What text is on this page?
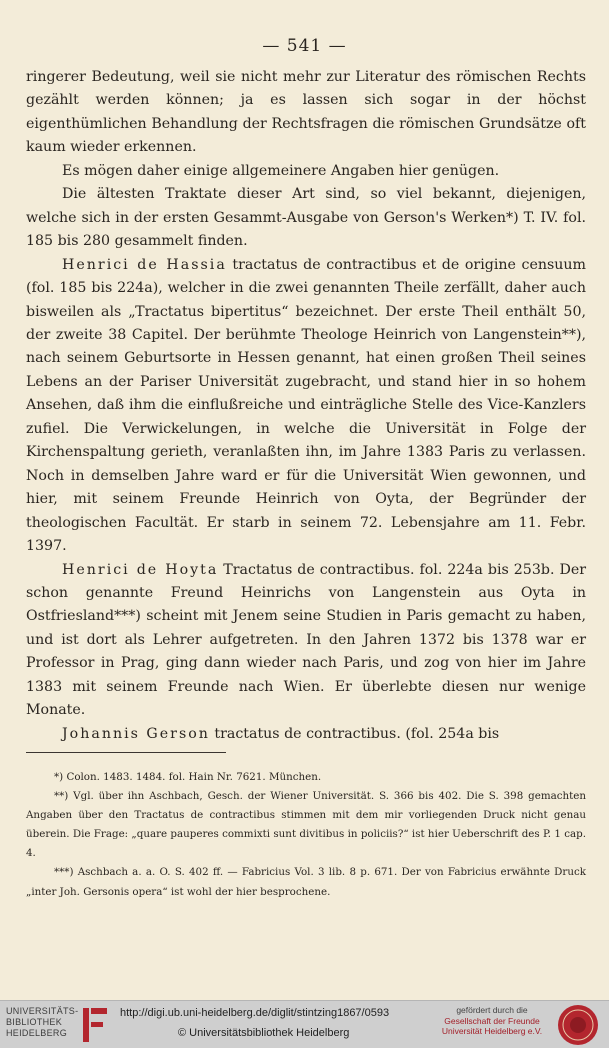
— 541 —

ringerer Bedeutung, weil sie nicht mehr zur Literatur des römischen Rechts gezählt werden können; ja es lassen sich sogar in der höchst eigenthümlichen Behandlung der Rechtsfragen die römischen Grundsätze oft kaum wieder erkennen.

Es mögen daher einige allgemeinere Angaben hier genügen.

Die ältesten Traktate dieser Art sind, so viel bekannt, diejenigen, welche sich in der ersten Gesammt-Ausgabe von Gerson's Werken*) T. IV. fol. 185 bis 280 gesammelt finden.

Henrici de Hassia tractatus de contractibus et de origine censuum (fol. 185 bis 224a), welcher in die zwei genannten Theile zerfällt, daher auch bisweilen als „Tractatus bipertitus“ bezeichnet. Der erste Theil enthält 50, der zweite 38 Capitel. Der berühmte Theologe Heinrich von Langenstein**), nach seinem Geburtsorte in Hessen genannt, hat einen großen Theil seines Lebens an der Pariser Universität zugebracht, und stand hier in so hohem Ansehen, daß ihm die einflußreiche und einträgliche Stelle des Vice-Kanzlers zufiel. Die Verwickelungen, in welche die Universität in Folge der Kirchenspaltung gerieth, veranlaßten ihn, im Jahre 1383 Paris zu verlassen. Noch in demselben Jahre ward er für die Universität Wien gewonnen, und hier, mit seinem Freunde Heinrich von Oyta, der Begründer der theologischen Facultät. Er starb in seinem 72. Lebensjahre am 11. Febr. 1397.

Henrici de Hoyta Tractatus de contractibus. fol. 224a bis 253b. Der schon genannte Freund Heinrichs von Langenstein aus Oyta in Ostfriesland***) scheint mit Jenem seine Studien in Paris gemacht zu haben, und ist dort als Lehrer aufgetreten. In den Jahren 1372 bis 1378 war er Professor in Prag, ging dann wieder nach Paris, und zog von hier im Jahre 1383 mit seinem Freunde nach Wien. Er überlebte diesen nur wenige Monate.

Johannis Gerson tractatus de contractibus. (fol. 254a bis

*) Colon. 1483. 1484. fol. Hain Nr. 7621. München.

**) Vgl. über ihn Aschbach, Gesch. der Wiener Universität. S. 366 bis 402. Die S. 398 gemachten Angaben über den Tractatus de contractibus stimmen mit dem mir vorliegenden Druck nicht genau überein. Die Frage: „quare pauperes commixti sunt divitibus in policiis?“ ist hier Ueberschrift des P. 1 cap. 4.

***) Aschbach a. a. O. S. 402 ff. — Fabricius Vol. 3 lib. 8 p. 671. Der von Fabricius erwähnte Druck „inter Joh. Gersonis opera“ ist wohl der hier besprochene.

UNIVERSITÄTS-
BIBLIOTHEK
HEIDELBERG
http://digi.ub.uni-heidelberg.de/diglit/stintzing1867/0593
© Universitätsbibliothek Heidelberg
gefördert durch die
Gesellschaft der Freunde
Universität Heidelberg e.V.
